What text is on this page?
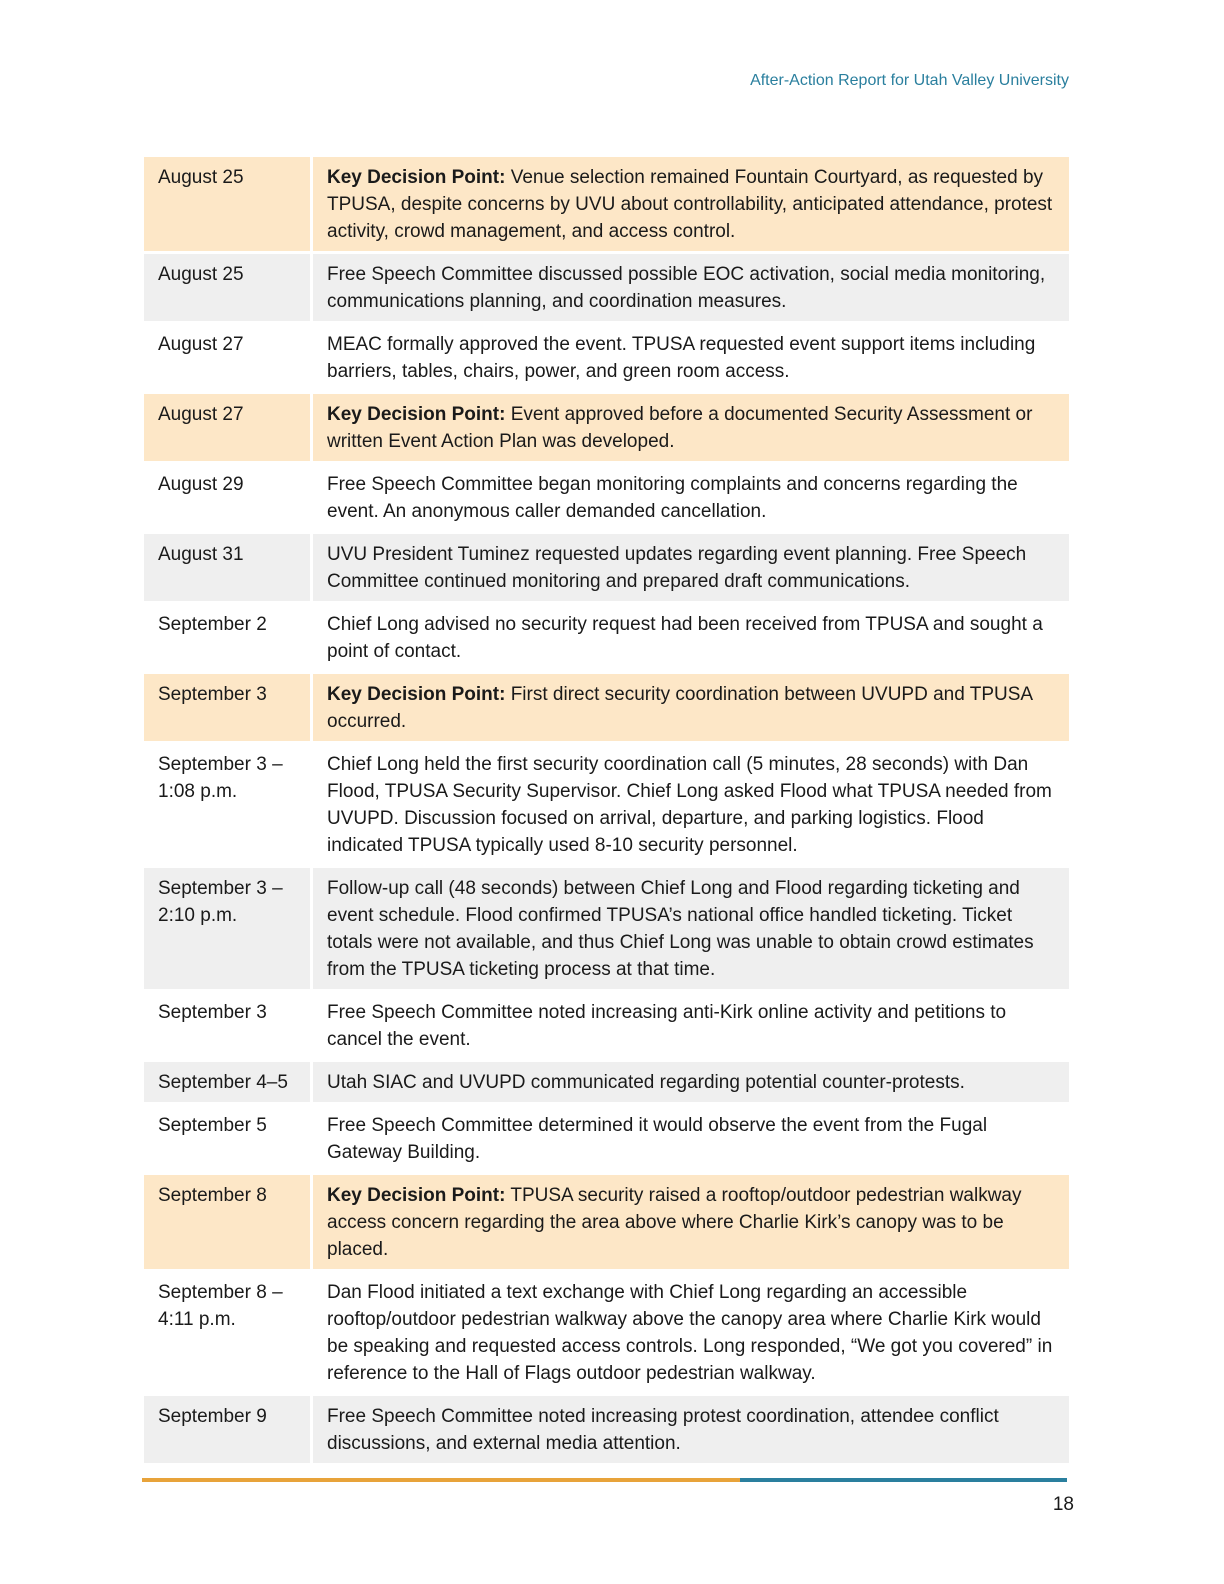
After-Action Report for Utah Valley University
August 25	Key Decision Point: Venue selection remained Fountain Courtyard, as requested by TPUSA, despite concerns by UVU about controllability, anticipated attendance, protest activity, crowd management, and access control.
August 25	Free Speech Committee discussed possible EOC activation, social media monitoring, communications planning, and coordination measures.
August 27	MEAC formally approved the event. TPUSA requested event support items including barriers, tables, chairs, power, and green room access.
August 27	Key Decision Point: Event approved before a documented Security Assessment or written Event Action Plan was developed.
August 29	Free Speech Committee began monitoring complaints and concerns regarding the event. An anonymous caller demanded cancellation.
August 31	UVU President Tuminez requested updates regarding event planning. Free Speech Committee continued monitoring and prepared draft communications.
September 2	Chief Long advised no security request had been received from TPUSA and sought a point of contact.
September 3	Key Decision Point: First direct security coordination between UVUPD and TPUSA occurred.
September 3 – 1:08 p.m.	Chief Long held the first security coordination call (5 minutes, 28 seconds) with Dan Flood, TPUSA Security Supervisor. Chief Long asked Flood what TPUSA needed from UVUPD. Discussion focused on arrival, departure, and parking logistics. Flood indicated TPUSA typically used 8-10 security personnel.
September 3 – 2:10 p.m.	Follow-up call (48 seconds) between Chief Long and Flood regarding ticketing and event schedule. Flood confirmed TPUSA’s national office handled ticketing. Ticket totals were not available, and thus Chief Long was unable to obtain crowd estimates from the TPUSA ticketing process at that time.
September 3	Free Speech Committee noted increasing anti-Kirk online activity and petitions to cancel the event.
September 4–5	Utah SIAC and UVUPD communicated regarding potential counter-protests.
September 5	Free Speech Committee determined it would observe the event from the Fugal Gateway Building.
September 8	Key Decision Point: TPUSA security raised a rooftop/outdoor pedestrian walkway access concern regarding the area above where Charlie Kirk’s canopy was to be placed.
September 8 – 4:11 p.m.	Dan Flood initiated a text exchange with Chief Long regarding an accessible rooftop/outdoor pedestrian walkway above the canopy area where Charlie Kirk would be speaking and requested access controls. Long responded, “We got you covered” in reference to the Hall of Flags outdoor pedestrian walkway.
September 9	Free Speech Committee noted increasing protest coordination, attendee conflict discussions, and external media attention.
18
